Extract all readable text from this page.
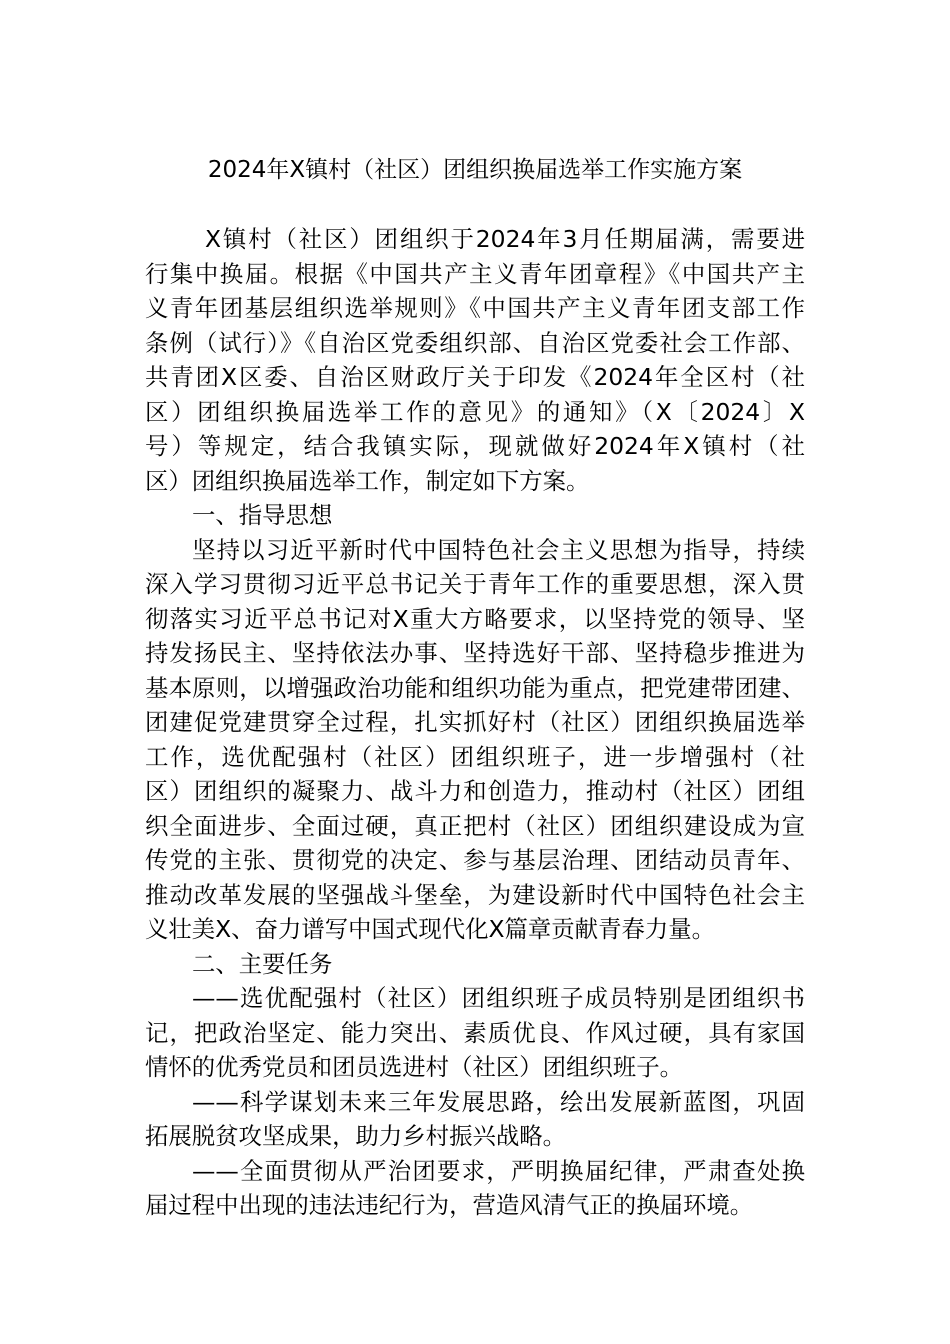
2024年X镇村（社区）团组织换届选举工作实施方案
X镇村（社区）团组织于2024年3月任期届满，需要进
行集中换届。根据《中国共产主义青年团章程》《中国共产主
义青年团基层组织选举规则》《中国共产主义青年团支部工作
条例（试行）》《自治区党委组织部、自治区党委社会工作部、
共青团X区委、自治区财政厅关于印发《2024年全区村（社
区）团组织换届选举工作的意见》的通知》（X〔2024〕X
号）等规定，结合我镇实际，现就做好2024年X镇村（社
区）团组织换届选举工作，制定如下方案。
一、指导思想
坚持以习近平新时代中国特色社会主义思想为指导，持续
深入学习贯彻习近平总书记关于青年工作的重要思想，深入贯
彻落实习近平总书记对X重大方略要求，以坚持党的领导、坚
持发扬民主、坚持依法办事、坚持选好干部、坚持稳步推进为
基本原则，以增强政治功能和组织功能为重点，把党建带团建、
团建促党建贯穿全过程，扎实抓好村（社区）团组织换届选举
工作，选优配强村（社区）团组织班子，进一步增强村（社
区）团组织的凝聚力、战斗力和创造力，推动村（社区）团组
织全面进步、全面过硬，真正把村（社区）团组织建设成为宣
传党的主张、贯彻党的决定、参与基层治理、团结动员青年、
推动改革发展的坚强战斗堡垒，为建设新时代中国特色社会主
义壮美X、奋力谱写中国式现代化X篇章贡献青春力量。
二、主要任务
——选优配强村（社区）团组织班子成员特别是团组织书
记，把政治坚定、能力突出、素质优良、作风过硬，具有家国
情怀的优秀党员和团员选进村（社区）团组织班子。
——科学谋划未来三年发展思路，绘出发展新蓝图，巩固
拓展脱贫攻坚成果，助力乡村振兴战略。
——全面贯彻从严治团要求，严明换届纪律，严肃查处换
届过程中出现的违法违纪行为，营造风清气正的换届环境。
